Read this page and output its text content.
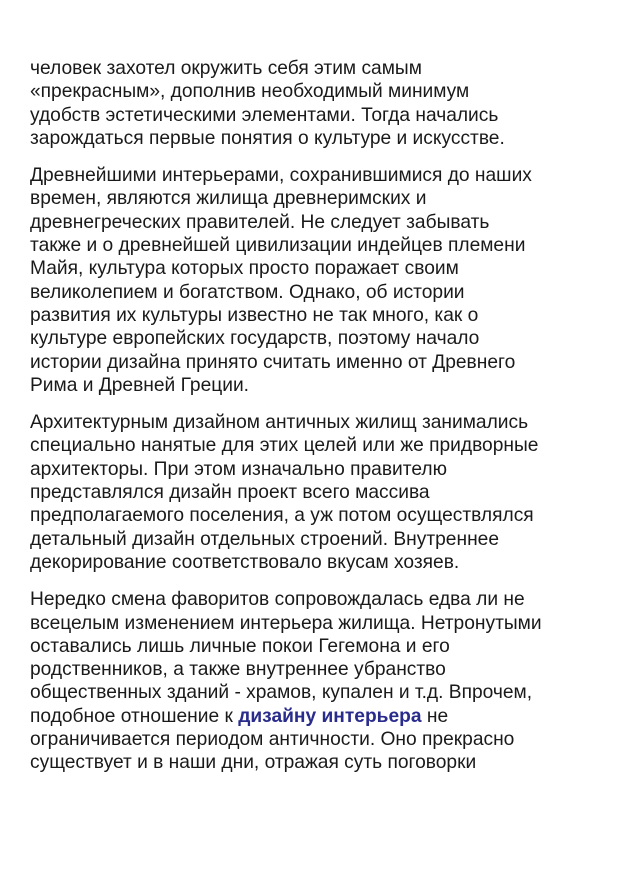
человек захотел окружить себя этим самым
«прекрасным», дополнив необходимый минимум
удобств эстетическими элементами. Тогда начались
зарождаться первые понятия о культуре и искусстве.
Древнейшими интерьерами, сохранившимися до наших
времен, являются жилища древнеримских и
древнегреческих правителей. Не следует забывать
также и о древнейшей цивилизации индейцев племени
Майя, культура которых просто поражает своим
великолепием и богатством. Однако, об истории
развития их культуры известно не так много, как о
культуре европейских государств, поэтому начало
истории дизайна принято считать именно от Древнего
Рима и Древней Греции.
Архитектурным дизайном античных жилищ занимались
специально нанятые для этих целей или же придворные
архитекторы. При этом изначально правителю
представлялся дизайн проект всего массива
предполагаемого поселения, а уж потом осуществлялся
детальный дизайн отдельных строений. Внутреннее
декорирование соответствовало вкусам хозяев.
Нередко смена фаворитов сопровождалась едва ли не
всецелым изменением интерьера жилища. Нетронутыми
оставались лишь личные покои Гегемона и его
родственников, а также внутреннее убранство
общественных зданий - храмов, купален и т.д. Впрочем,
подобное отношение к дизайну интерьера не
ограничивается периодом античности. Оно прекрасно
существует и в наши дни, отражая суть поговорки
